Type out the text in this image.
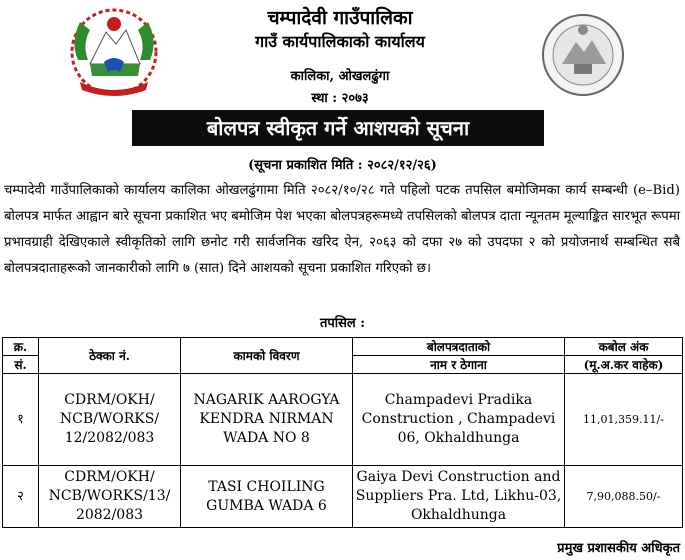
चम्पादेवी गाउँपालिका
गाउँ कार्यपालिकाको कार्यालय
कालिका, ओखलढुंगा
स्था : २०७३
बोलपत्र स्वीकृत गर्ने आशयको सूचना
(सूचना प्रकाशित मिति : २०८२/१२/२६)
चम्पादेवी गाउँपालिकाको कार्यालय कालिका ओखलढुंगामा मिति २०८२/१०/२८ गते पहिलो पटक तपसिल बमोजिमका कार्य सम्बन्धी (e–Bid) बोलपत्र मार्फत आह्वान बारे सूचना प्रकाशित भए बमोजिम पेश भएका बोलपत्रहरूमध्ये तपसिलको बोलपत्र दाता न्यूनतम मूल्याङ्कित सारभूत रूपमा प्रभावग्राही देखिएकाले स्वीकृतिको लागि छनोट गरी सार्वजनिक खरिद ऐन, २०६३ को दफा २७ को उपदफा २ को प्रयोजनार्थ सम्बन्धित सबै बोलपत्रदाताहरूको जानकारीको लागि ७ (सात) दिने आशयको सूचना प्रकाशित गरिएको छ।
तपसिल :
क्र.	ठेक्का नं.	कामको विवरण	बोलपत्रदाताको	कबोल अंक
सं.			नाम र ठेगाना	(मू.अ.कर वाहेक)
१	CDRM/OKH/ NCB/WORKS/ 12/2082/083	NAGARIK AAROGYA KENDRA NIRMAN WADA NO 8	Champadevi Pradika Construction , Champadevi 06, Okhaldhunga	11,01,359.11/-
२	CDRM/OKH/ NCB/WORKS/13/ 2082/083	TASI CHOILING GUMBA WADA 6	Gaiya Devi Construction and Suppliers Pra. Ltd, Likhu-03, Okhaldhunga	7,90,088.50/-
प्रमुख प्रशासकीय अधिकृत
